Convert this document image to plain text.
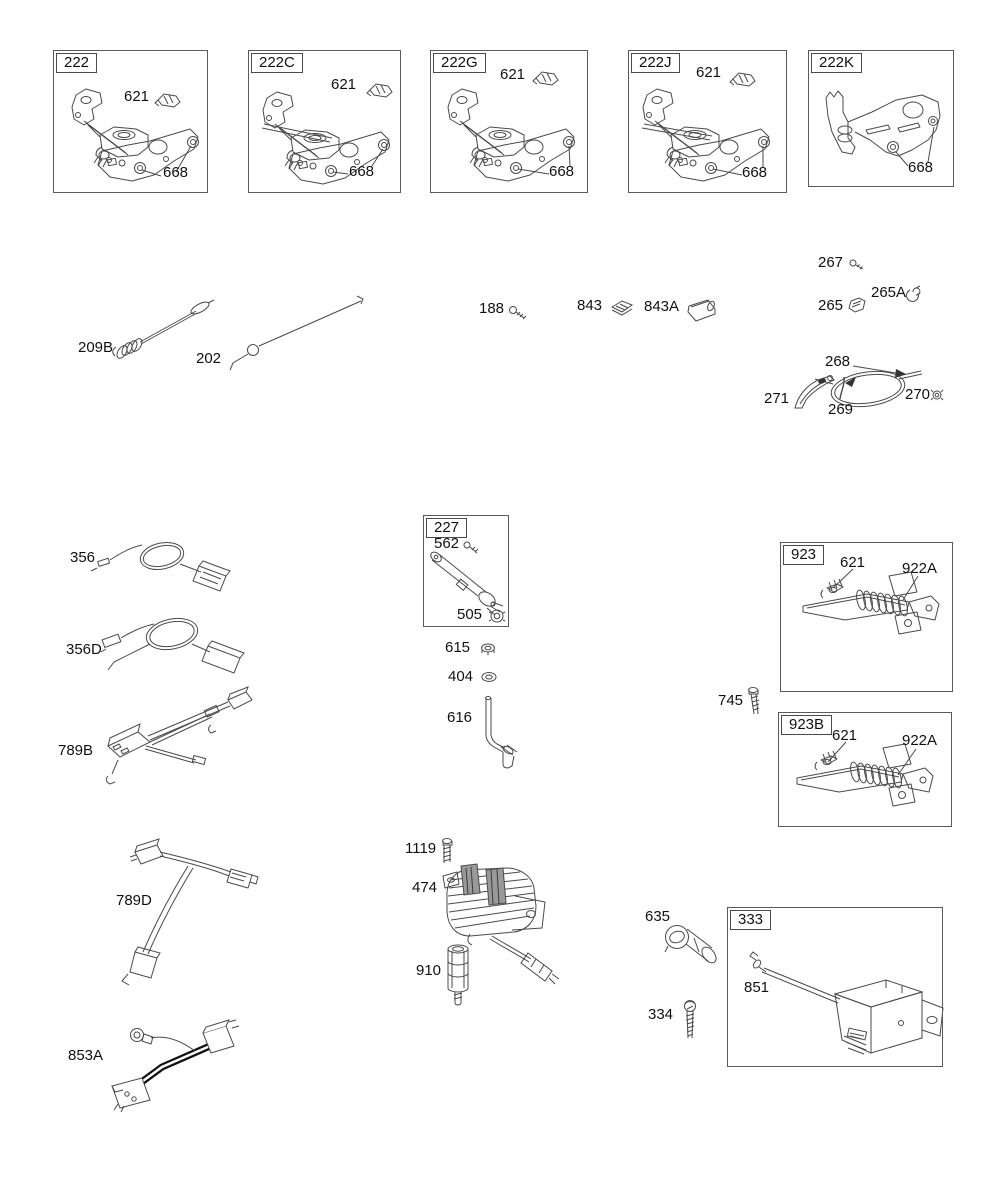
222	222C	222G	222J	222K
227
923
923B
333
621
668
621
668
621
668
621
668	668
562
505
621 922A
621	922A
851
209B
202
188	843	843A
267
265
265A
268
271
269
270
356
356D
789B
615
404
616
745
789D
1119
474
910
635
334
853A
